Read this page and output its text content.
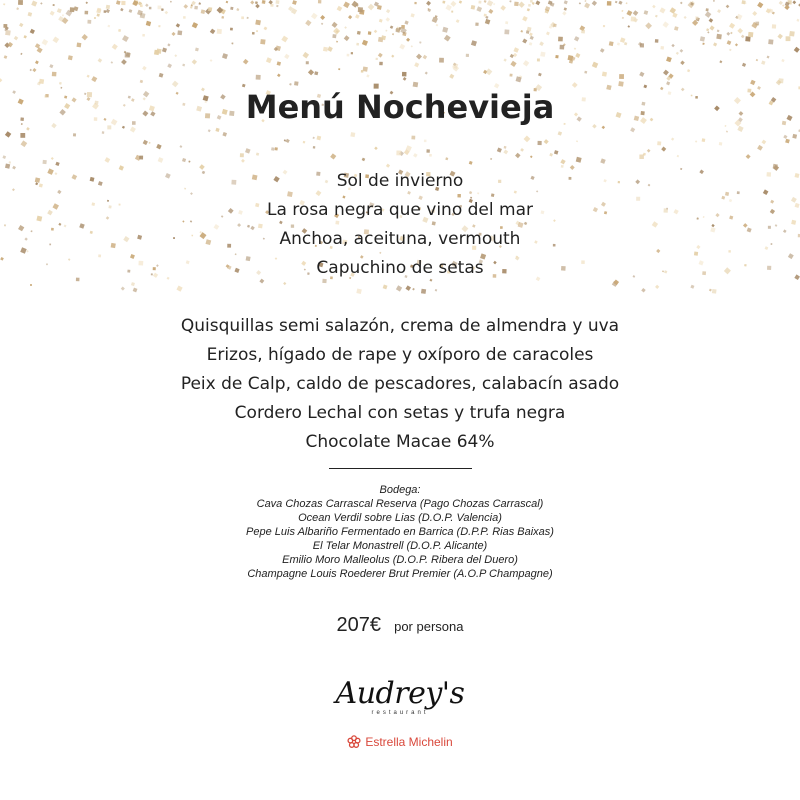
Menú Nochevieja
Sol de invierno
La rosa negra que vino del mar
Anchoa, aceituna, vermouth
Capuchino de setas
Quisquillas semi salazón, crema de almendra y uva
Erizos, hígado de rape y oxíporo de caracoles
Peix de Calp, caldo de pescadores, calabacín asado
Cordero Lechal con setas y trufa negra
Chocolate Macae 64%
Bodega:
Cava Chozas Carrascal Reserva (Pago Chozas Carrascal)
Ocean Verdil sobre Lias (D.O.P. Valencia)
Pepe Luis Albariño Fermentado en Barrica (D.P.P. Rias Baixas)
El Telar Monastrell (D.O.P. Alicante)
Emilio Moro Malleolus (D.O.P. Ribera del Duero)
Champagne Louis Roederer Brut Premier (A.O.P Champagne)
207€ por persona
Audrey's
restaurant
Estrella Michelin
